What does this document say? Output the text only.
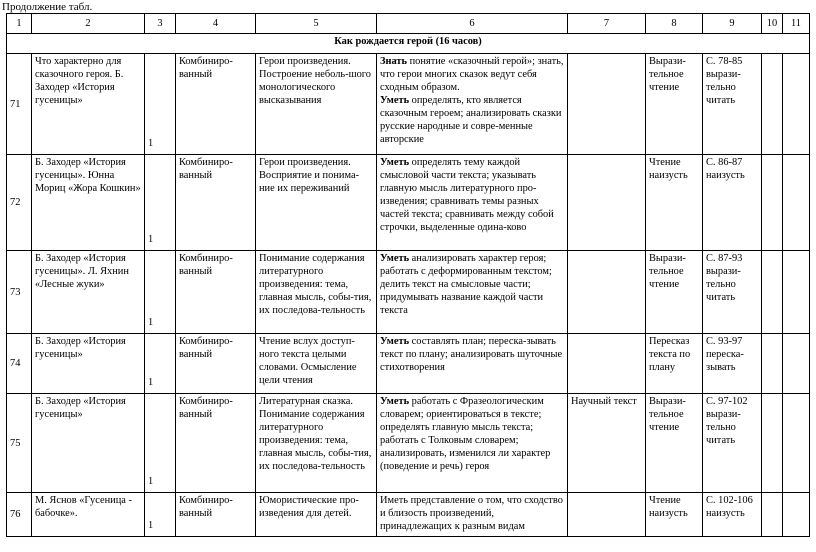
Продолжение табл.
1	2	3	4	5	6	7	8	9	10	11
Как рождается герой (16 часов)										
71	Что характерно для сказочного героя. Б. Заходер «История гусеницы»	1	Комбиниро-ванный	Герои произведения. Построение неболь-шого монологического высказывания	Знать понятие «сказочный герой»; знать, что герои многих сказок ведут себя сходным образом.
Уметь определять, кто является сказочным героем; анализировать сказки русские народные и совре-менные авторские		Вырази-тельное чтение	С. 78-85 вырази-тельно читать		
72	Б. Заходер «История гусеницы». Юнна Мориц «Жора Кошкин»	1	Комбиниро-ванный	Герои произведения. Восприятие и понима-ние их переживаний	Уметь определять тему каждой смысловой части текста; указывать главную мысль литературного про-изведения; сравнивать темы разных частей текста; сравнивать между собой строчки, выделенные одина-ково		Чтение наизусть	С. 86-87 наизусть		
73	Б. Заходер «История гусеницы». Л. Яхнин «Лесные жуки»	1	Комбиниро-ванный	Понимание содержания литературного произведения: тема, главная мысль, собы-тия, их последова-тельность	Уметь анализировать характер героя; работать с деформированным текстом; делить текст на смысловые части; придумывать название каждой части текста		Вырази-тельное чтение	С. 87-93 вырази-тельно читать		
74	Б. Заходер «История гусеницы»	1	Комбиниро-ванный	Чтение вслух доступ-ного текста целыми словами. Осмысление цели чтения	Уметь составлять план; переска-зывать текст по плану; анализировать шуточные стихотворения		Пересказ текста по плану	С. 93-97 переска-зывать		
75	Б. Заходер «История гусеницы»	1	Комбиниро-ванный	Литературная сказка. Понимание содержания литературного произведения: тема, главная мысль, собы-тия, их последова-тельность	Уметь работать с Фразеологическим словарем; ориентироваться в тексте; определять главную мысль текста; работать с Толковым словарем; анализировать, изменился ли характер (поведение и речь) героя	Научный текст	Вырази-тельное чтение	С. 97-102 вырази-тельно читать		
76	М. Яснов «Гусеница - бабочке».	1	Комбиниро-ванный	Юмористические про-изведения для детей.	Иметь представление о том, что сходство и близость произведений, принадлежащих к разным видам		Чтение наизусть	С. 102-106 наизусть		
